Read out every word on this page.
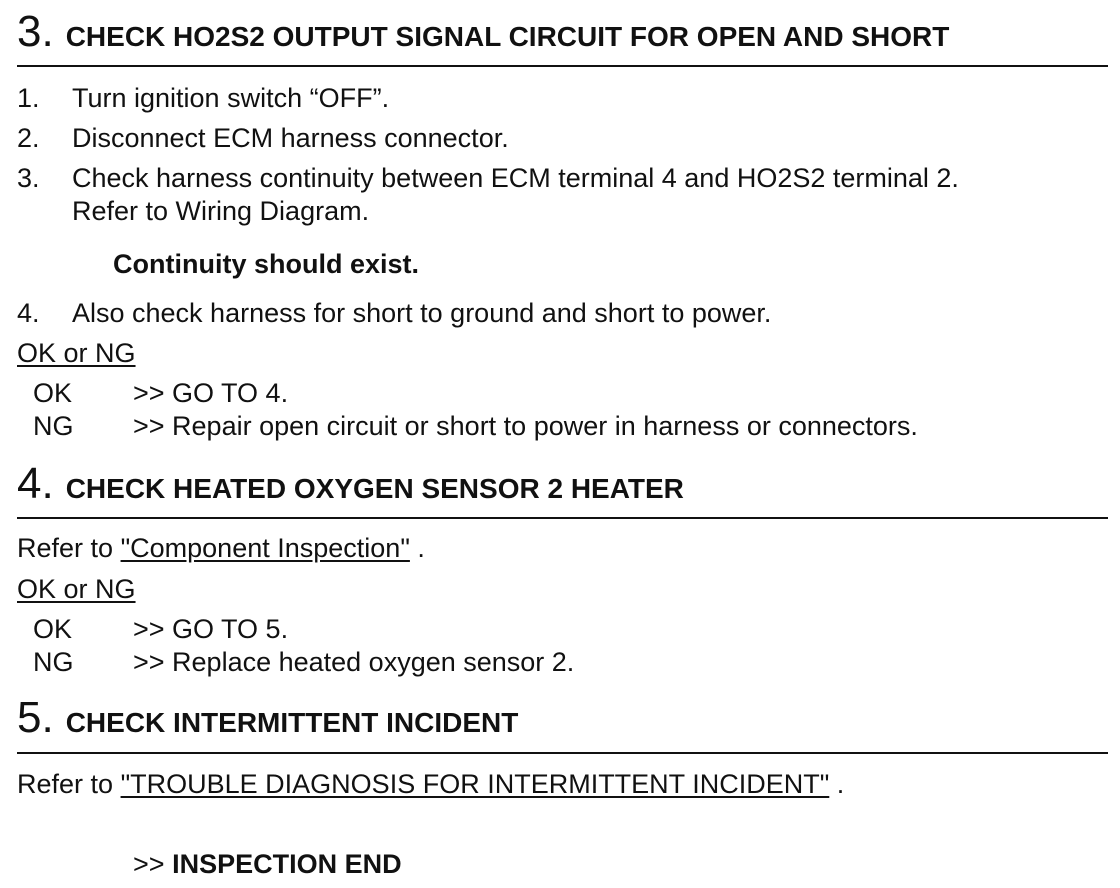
3. CHECK HO2S2 OUTPUT SIGNAL CIRCUIT FOR OPEN AND SHORT
1. Turn ignition switch “OFF”.
2. Disconnect ECM harness connector.
3. Check harness continuity between ECM terminal 4 and HO2S2 terminal 2.
Refer to Wiring Diagram.
Continuity should exist.
4. Also check harness for short to ground and short to power.
OK or NG
OK >> GO TO 4.
NG >> Repair open circuit or short to power in harness or connectors.
4. CHECK HEATED OXYGEN SENSOR 2 HEATER
Refer to "Component Inspection" .
OK or NG
OK >> GO TO 5.
NG >> Replace heated oxygen sensor 2.
5. CHECK INTERMITTENT INCIDENT
Refer to "TROUBLE DIAGNOSIS FOR INTERMITTENT INCIDENT" .
>> INSPECTION END
